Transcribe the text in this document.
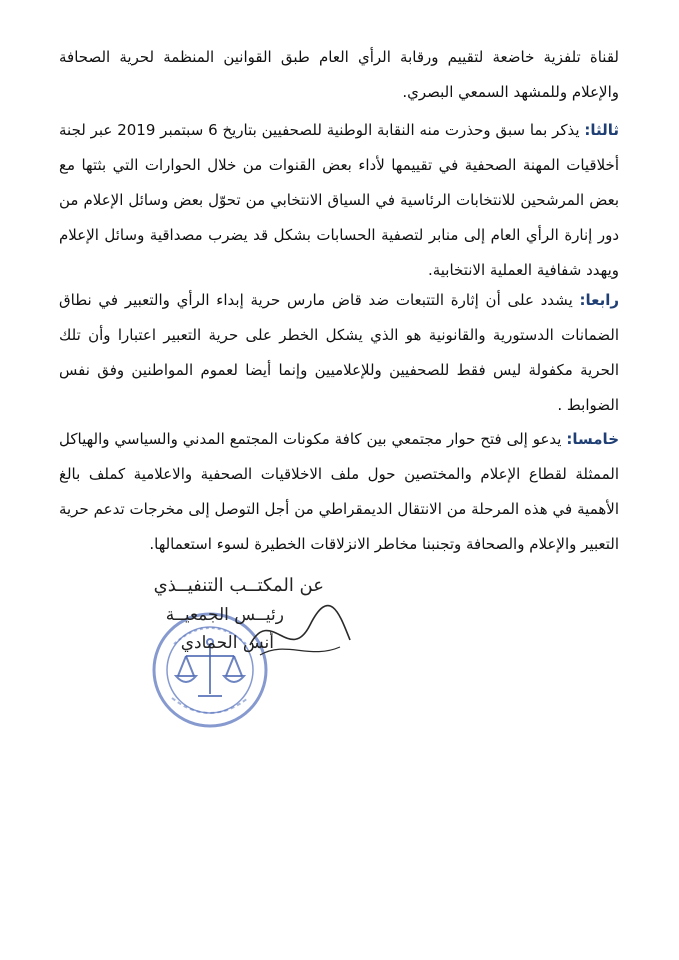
لقناة تلفزية خاضعة لتقييم ورقابة الرأي العام طبق القوانين المنظمة لحرية الصحافة والإعلام وللمشهد السمعي البصري.

ثالثا: يذكر بما سبق وحذرت منه النقابة الوطنية للصحفيين بتاريخ 6 سبتمبر 2019 عبر لجنة أخلاقيات المهنة الصحفية في تقييمها لأداء بعض القنوات من خلال الحوارات التي بثتها مع بعض المرشحين للانتخابات الرئاسية في السياق الانتخابي من تحوّل بعض وسائل الإعلام من دور إنارة الرأي العام إلى منابر لتصفية الحسابات بشكل قد يضرب مصداقية وسائل الإعلام ويهدد شفافية العملية الانتخابية.

رابعا: يشدد على أن إثارة التتبعات ضد قاض مارس حرية إبداء الرأي والتعبير في نطاق الضمانات الدستورية والقانونية هو الذي يشكل الخطر على حرية التعبير اعتبارا وأن تلك الحرية مكفولة ليس فقط للصحفيين وللإعلاميين وإنما أيضا لعموم المواطنين وفق نفس الضوابط .

خامسا: يدعو إلى فتح حوار مجتمعي بين كافة مكونات المجتمع المدني والسياسي والهياكل الممثلة لقطاع الإعلام والمختصين حول ملف الاخلاقيات الصحفية والاعلامية كملف بالغ الأهمية في هذه المرحلة من الانتقال الديمقراطي من أجل التوصل إلى مخرجات تدعم حرية التعبير والإعلام والصحافة وتجنبنا مخاطر الانزلاقات الخطيرة لسوء استعمالها.

عن المكتــب التنفيــذي
رئيــس الجمعيــة
أنس الحمادي
